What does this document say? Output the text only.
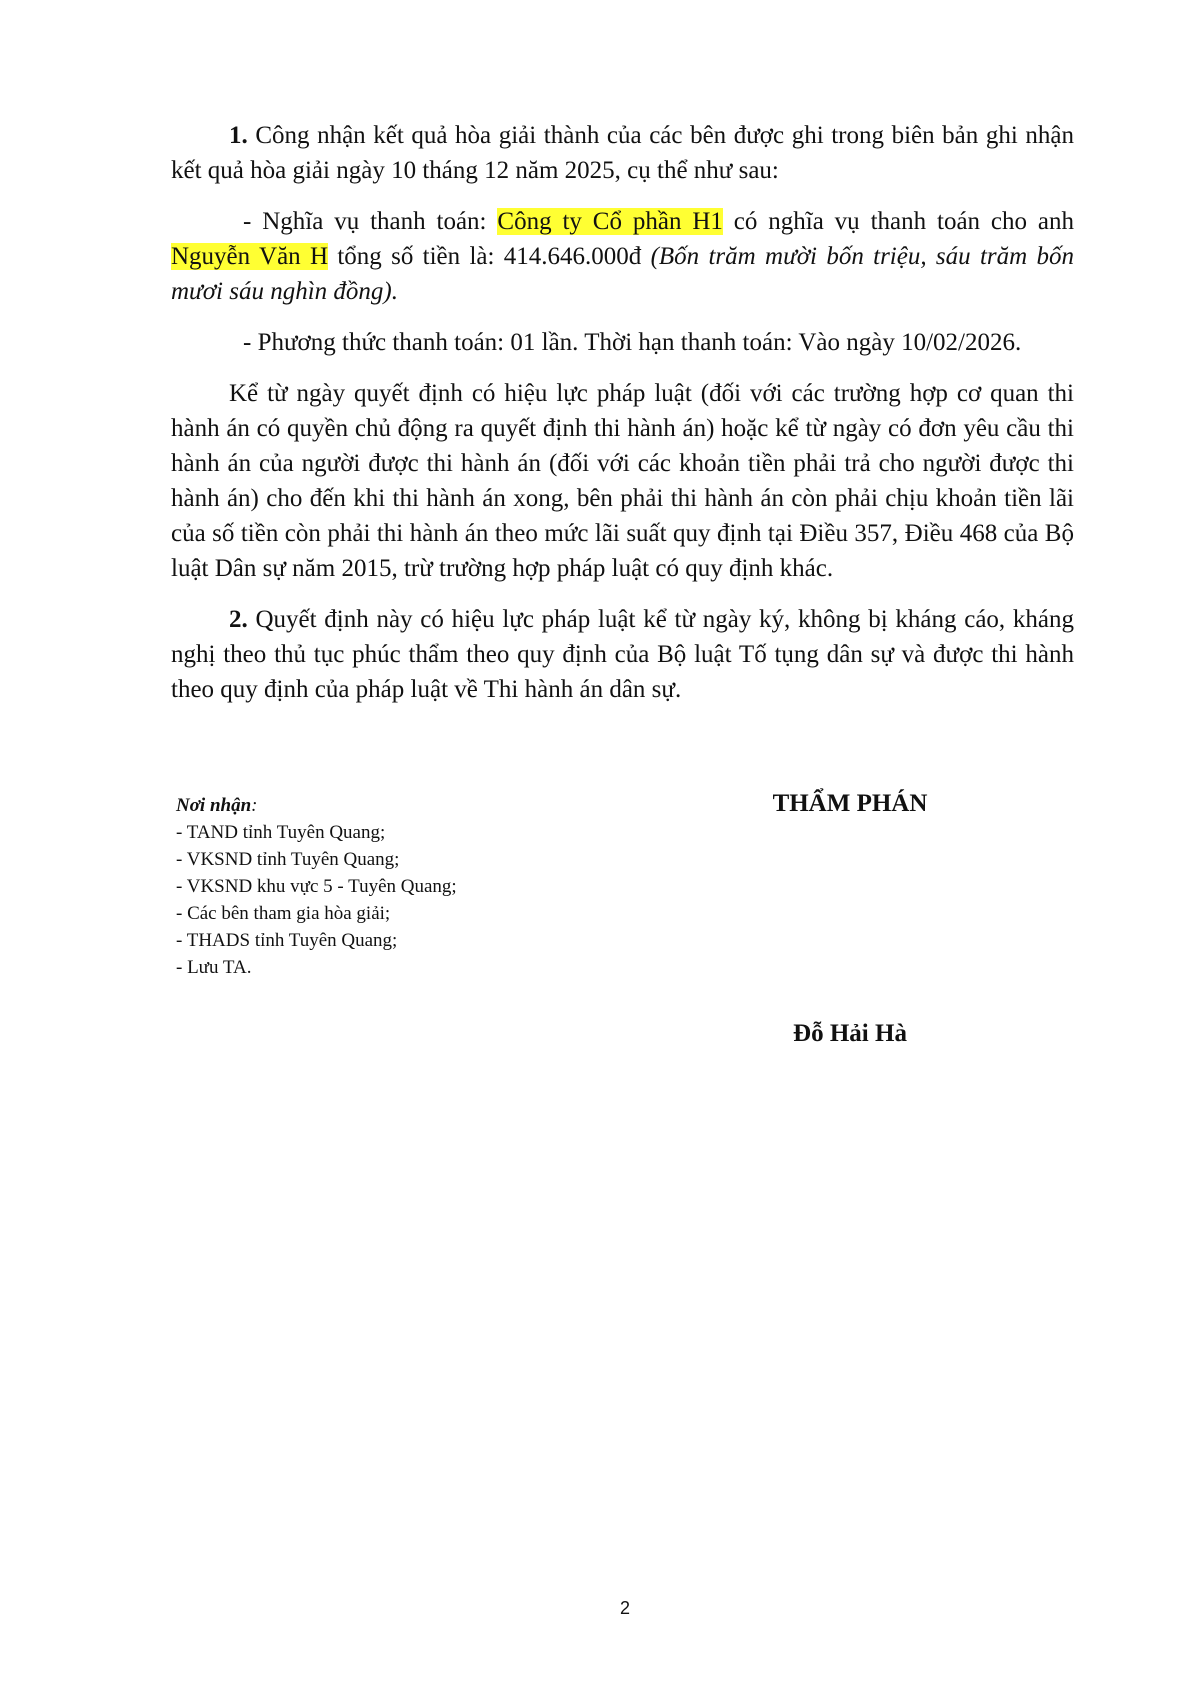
1. Công nhận kết quả hòa giải thành của các bên được ghi trong biên bản ghi nhận kết quả hòa giải ngày 10 tháng 12 năm 2025, cụ thể như sau:

- Nghĩa vụ thanh toán: Công ty Cổ phần H1 có nghĩa vụ thanh toán cho anh Nguyễn Văn H tổng số tiền là: 414.646.000đ (Bốn trăm mười bốn triệu, sáu trăm bốn mươi sáu nghìn đồng).

- Phương thức thanh toán: 01 lần. Thời hạn thanh toán: Vào ngày 10/02/2026.

Kể từ ngày quyết định có hiệu lực pháp luật (đối với các trường hợp cơ quan thi hành án có quyền chủ động ra quyết định thi hành án) hoặc kể từ ngày có đơn yêu cầu thi hành án của người được thi hành án (đối với các khoản tiền phải trả cho người được thi hành án) cho đến khi thi hành án xong, bên phải thi hành án còn phải chịu khoản tiền lãi của số tiền còn phải thi hành án theo mức lãi suất quy định tại Điều 357, Điều 468 của Bộ luật Dân sự năm 2015, trừ trường hợp pháp luật có quy định khác.

2. Quyết định này có hiệu lực pháp luật kể từ ngày ký, không bị kháng cáo, kháng nghị theo thủ tục phúc thẩm theo quy định của Bộ luật Tố tụng dân sự và được thi hành theo quy định của pháp luật về Thi hành án dân sự.

Nơi nhận:
- TAND tỉnh Tuyên Quang;
- VKSND tỉnh Tuyên Quang;
- VKSND khu vực 5 - Tuyên Quang;
- Các bên tham gia hòa giải;
- THADS tỉnh Tuyên Quang;
- Lưu TA.
THẨM PHÁN
Đỗ Hải Hà
2
